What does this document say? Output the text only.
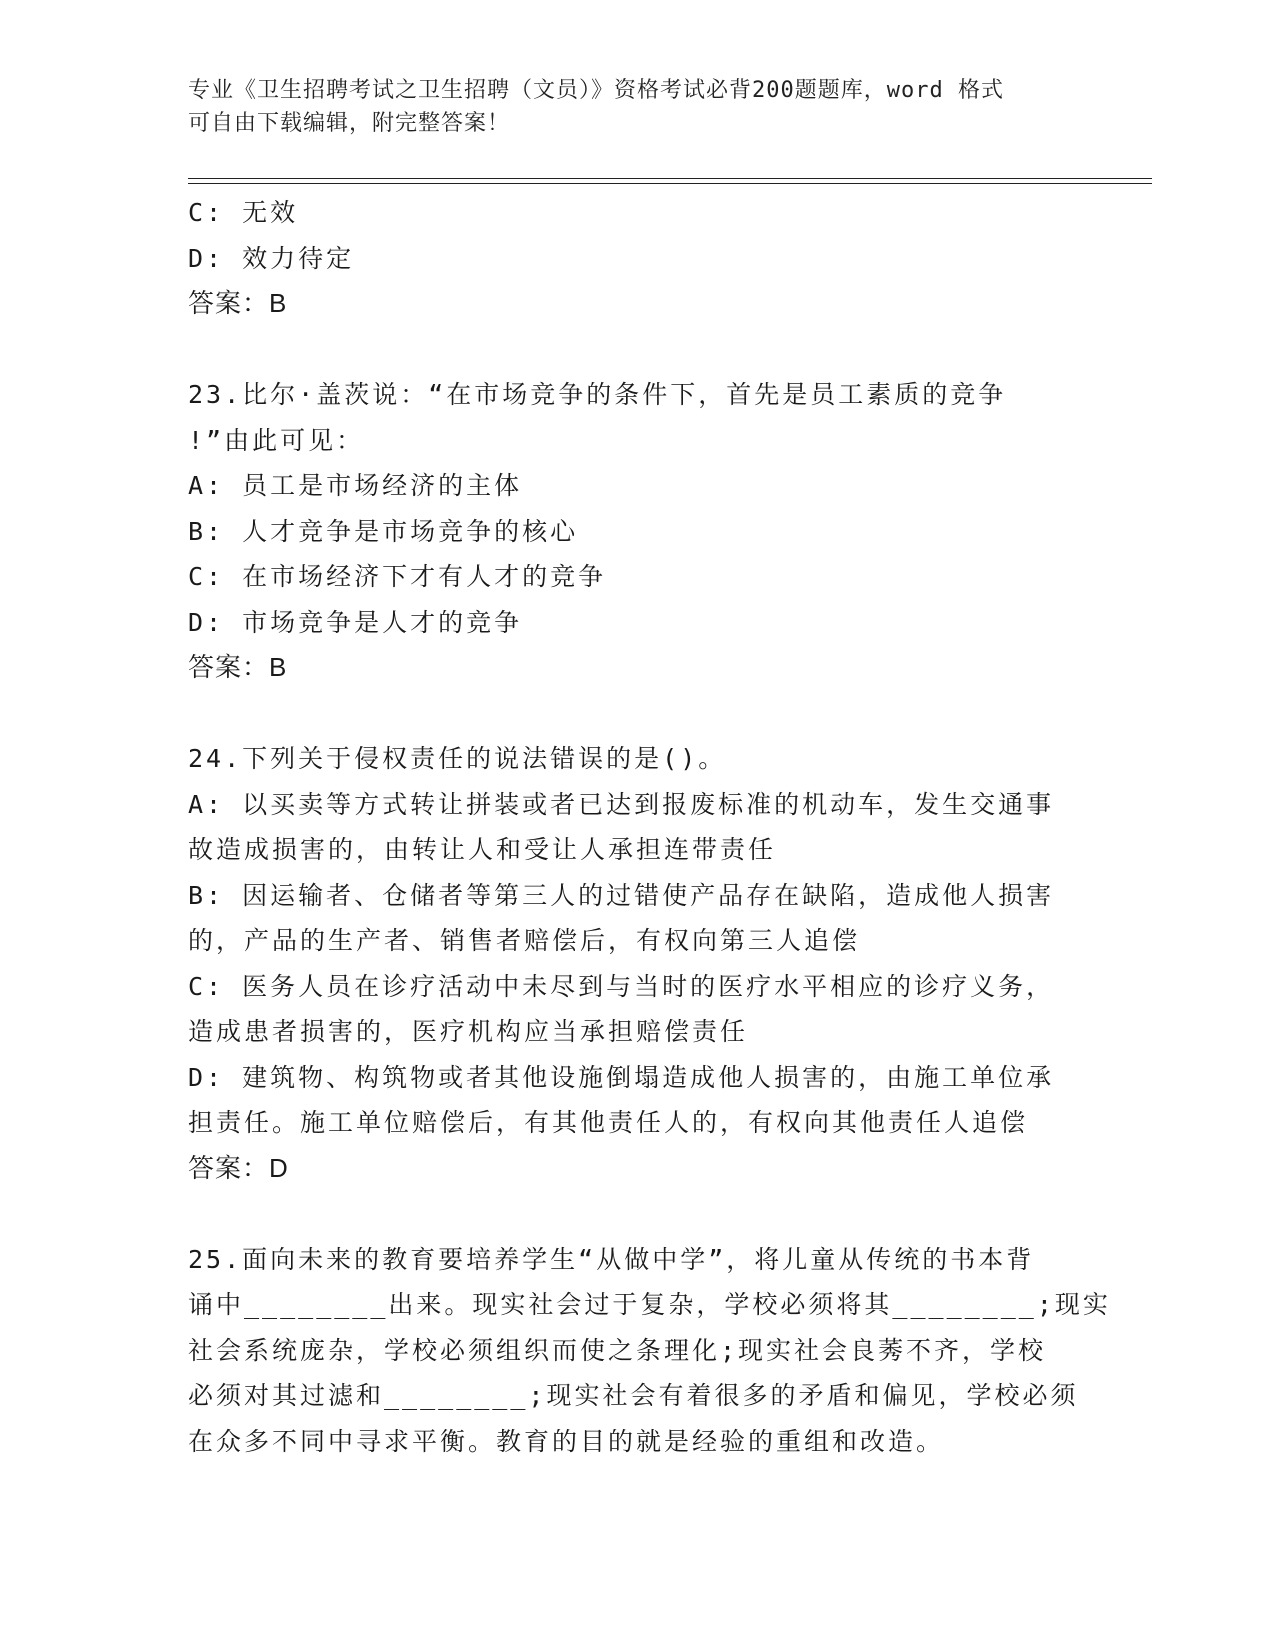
专业《卫生招聘考试之卫生招聘（文员）》资格考试必背200题题库，word 格式
可自由下载编辑，附完整答案！
C: 无效
D: 效力待定
答案：B
23.比尔·盖茨说：“在市场竞争的条件下，首先是员工素质的竞争
!”由此可见：
A: 员工是市场经济的主体
B: 人才竞争是市场竞争的核心
C: 在市场经济下才有人才的竞争
D: 市场竞争是人才的竞争
答案：B
24.下列关于侵权责任的说法错误的是()。
A: 以买卖等方式转让拼装或者已达到报废标准的机动车，发生交通事
故造成损害的，由转让人和受让人承担连带责任
B: 因运输者、仓储者等第三人的过错使产品存在缺陷，造成他人损害
的，产品的生产者、销售者赔偿后，有权向第三人追偿
C: 医务人员在诊疗活动中未尽到与当时的医疗水平相应的诊疗义务，
造成患者损害的，医疗机构应当承担赔偿责任
D: 建筑物、构筑物或者其他设施倒塌造成他人损害的，由施工单位承
担责任。施工单位赔偿后，有其他责任人的，有权向其他责任人追偿
答案：D
25.面向未来的教育要培养学生“从做中学”，将儿童从传统的书本背
诵中________出来。现实社会过于复杂，学校必须将其________;现实
社会系统庞杂，学校必须组织而使之条理化;现实社会良莠不齐，学校
必须对其过滤和________;现实社会有着很多的矛盾和偏见，学校必须
在众多不同中寻求平衡。教育的目的就是经验的重组和改造。
